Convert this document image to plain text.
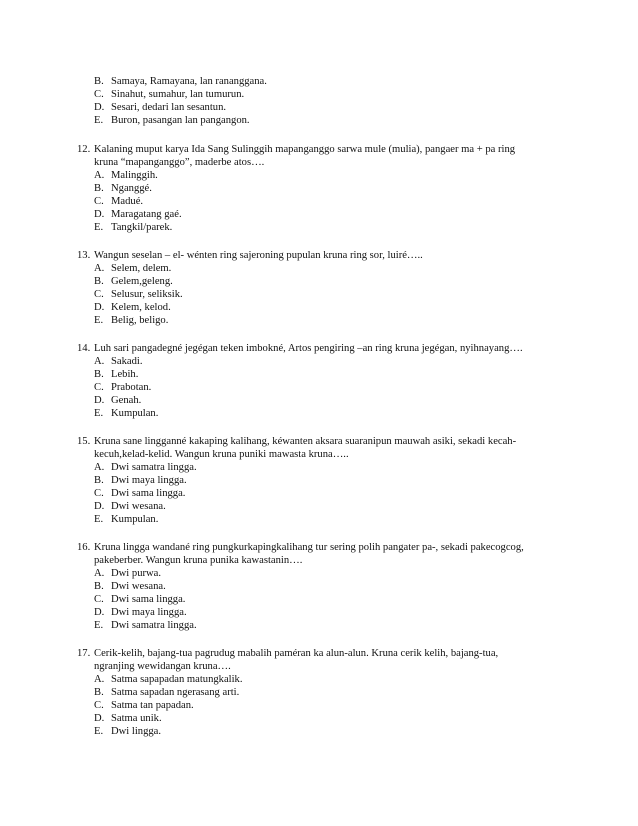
B. Samaya, Ramayana, lan rananggana.
C. Sinahut, sumahur, lan tumurun.
D. Sesari, dedari lan sesantun.
E. Buron, pasangan lan pangangon.
12. Kalaning muput karya Ida Sang Sulinggih mapanganggo sarwa mule (mulia), pangaer ma + pa ring
kruna “mapanganggo”, maderbe atos….
A. Malinggih.
B. Nganggé.
C. Madué.
D. Maragatang gaé.
E. Tangkil/parek.
13. Wangun seselan – el- wénten ring sajeroning pupulan kruna ring sor, luiré…..
A. Selem, delem.
B. Gelem,geleng.
C. Selusur, seliksik.
D. Kelem, kelod.
E. Belig, beligo.
14. Luh sari pangadegné jegégan teken imbokné, Artos pengiring –an ring kruna jegégan, nyihnayang….
A. Sakadi.
B. Lebih.
C. Prabotan.
D. Genah.
E. Kumpulan.
15. Kruna sane lingganné kakaping kalihang, kéwanten aksara suaranipun mauwah asiki, sekadi kecah-
kecuh,kelad-kelid. Wangun kruna puniki mawasta kruna…..
A. Dwi samatra lingga.
B. Dwi maya lingga.
C. Dwi sama lingga.
D. Dwi wesana.
E. Kumpulan.
16. Kruna lingga wandané ring pungkurkapingkalihang tur sering polih pangater pa-, sekadi pakecogcog,
pakeberber. Wangun kruna punika kawastanin….
A. Dwi purwa.
B. Dwi wesana.
C. Dwi sama lingga.
D. Dwi maya lingga.
E. Dwi samatra lingga.
17. Cerik-kelih, bajang-tua pagrudug mabalih paméran ka alun-alun. Kruna cerik kelih, bajang-tua,
ngranjing wewidangan kruna….
A. Satma sapapadan matungkalik.
B. Satma sapadan ngerasang arti.
C. Satma tan papadan.
D. Satma unik.
E. Dwi lingga.
